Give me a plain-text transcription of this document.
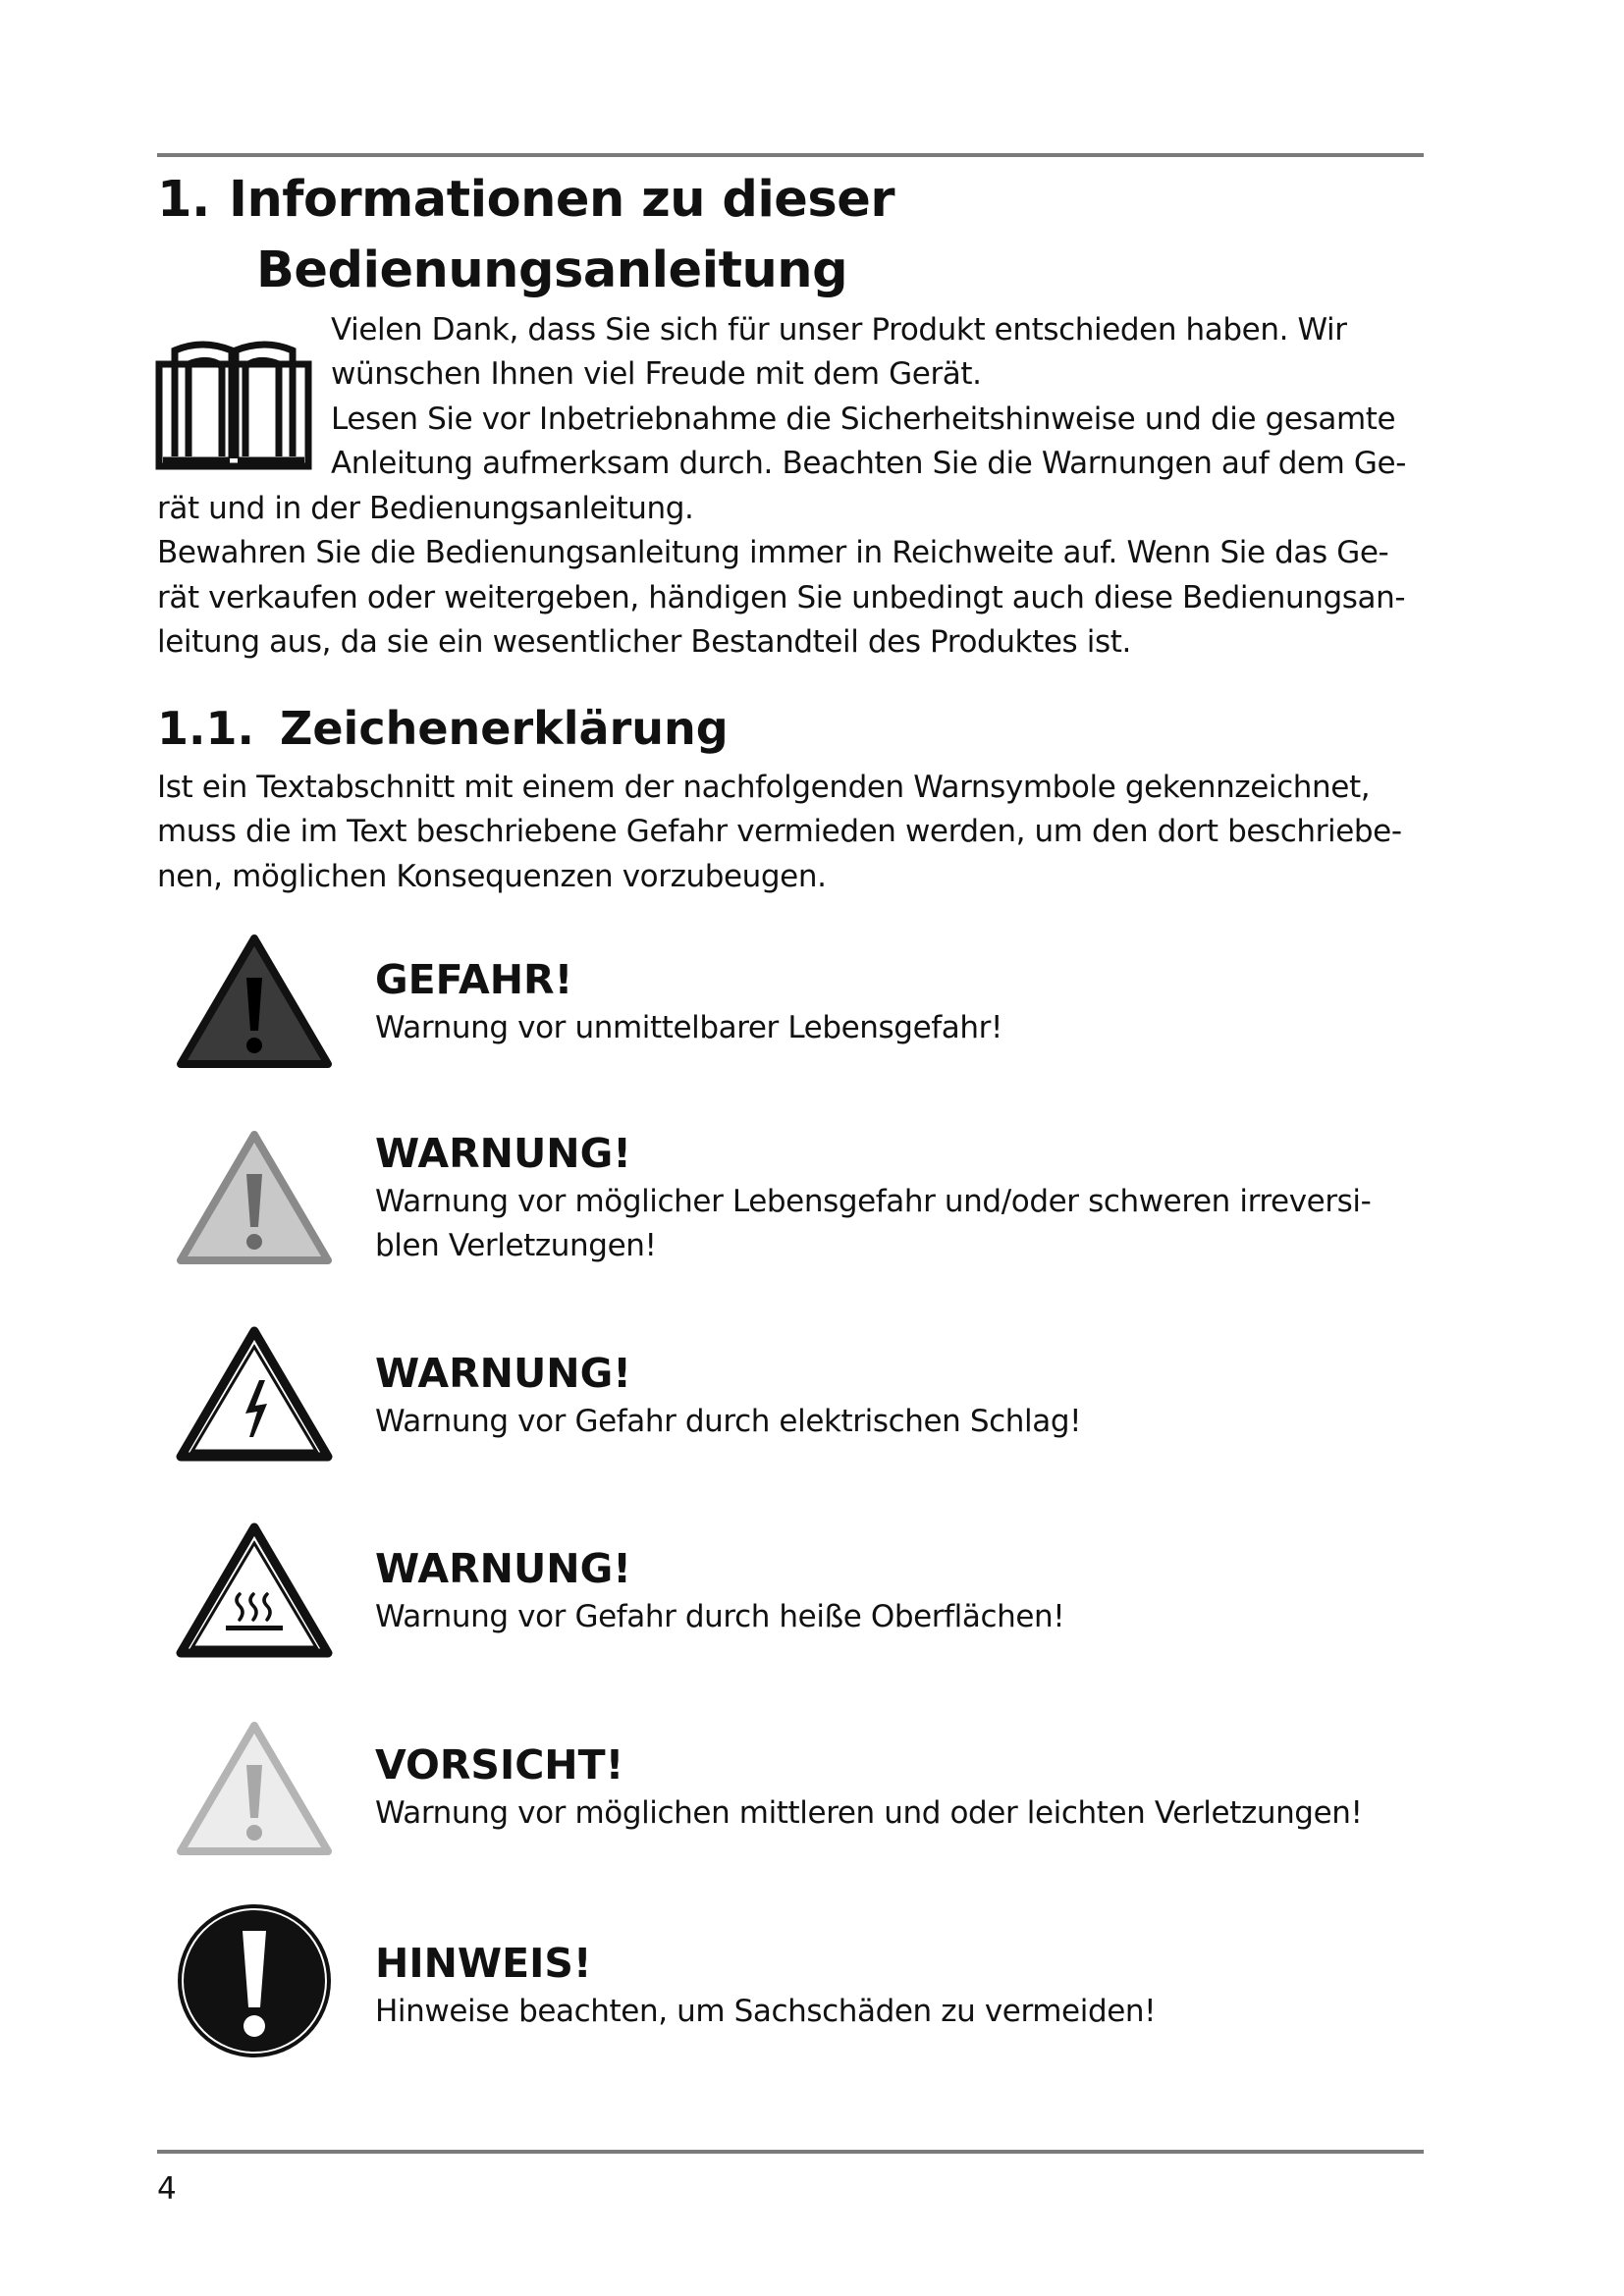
1. Informationen zu dieser
Bedienungsanleitung
Vielen Dank, dass Sie sich für unser Produkt entschieden haben. Wir
wünschen Ihnen viel Freude mit dem Gerät.
Lesen Sie vor Inbetriebnahme die Sicherheitshinweise und die gesamte
Anleitung aufmerksam durch. Beachten Sie die Warnungen auf dem Ge-
rät und in der Bedienungsanleitung.
Bewahren Sie die Bedienungsanleitung immer in Reichweite auf. Wenn Sie das Ge-
rät verkaufen oder weitergeben, händigen Sie unbedingt auch diese Bedienungsan-
leitung aus, da sie ein wesentlicher Bestandteil des Produktes ist.
1.1. Zeichenerklärung
Ist ein Textabschnitt mit einem der nachfolgenden Warnsymbole gekennzeichnet,
muss die im Text beschriebene Gefahr vermieden werden, um den dort beschriebe-
nen, möglichen Konsequenzen vorzubeugen.
GEFAHR!
Warnung vor unmittelbarer Lebensgefahr!
WARNUNG!
Warnung vor möglicher Lebensgefahr und/oder schweren irreversi-
blen Verletzungen!
WARNUNG!
Warnung vor Gefahr durch elektrischen Schlag!
WARNUNG!
Warnung vor Gefahr durch heiße Oberflächen!
VORSICHT!
Warnung vor möglichen mittleren und oder leichten Verletzungen!
HINWEIS!
Hinweise beachten, um Sachschäden zu vermeiden!
4
